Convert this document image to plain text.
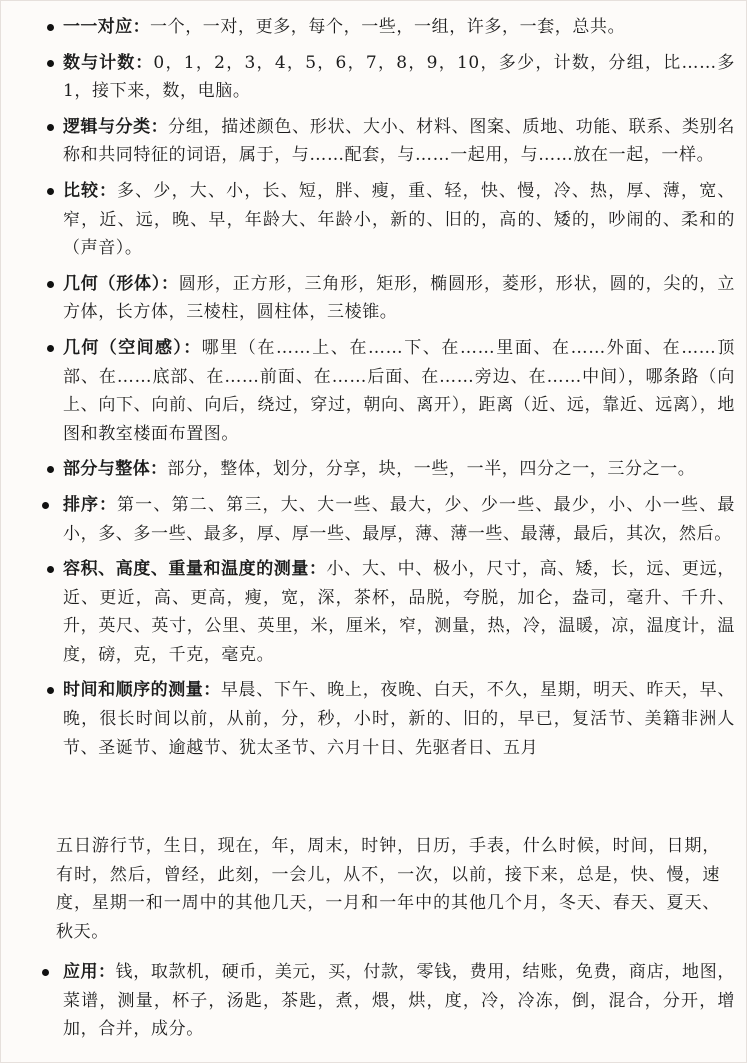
一一对应：一个，一对，更多，每个，一些，一组，许多，一套，总共。
数与计数：0，1，2，3，4，5，6，7，8，9，10，多少，计数，分组，比……多1，接下来，数，电脑。
逻辑与分类：分组，描述颜色、形状、大小、材料、图案、质地、功能、联系、类别名称和共同特征的词语，属于，与……配套，与……一起用，与……放在一起，一样。
比较：多、少，大、小，长、短，胖、瘦，重、轻，快、慢，冷、热，厚、薄，宽、窄，近、远，晚、早，年龄大、年龄小，新的、旧的，高的、矮的，吵闹的、柔和的（声音）。
几何（形体）：圆形，正方形，三角形，矩形，椭圆形，菱形，形状，圆的，尖的，立方体，长方体，三棱柱，圆柱体，三棱锥。
几何（空间感）：哪里（在……上、在……下、在……里面、在……外面、在……顶部、在……底部、在……前面、在……后面、在……旁边、在……中间），哪条路（向上、向下、向前、向后，绕过，穿过，朝向、离开），距离（近、远，靠近、远离），地图和教室楼面布置图。
部分与整体：部分，整体，划分，分享，块，一些，一半，四分之一，三分之一。
排序：第一、第二、第三，大、大一些、最大，少、少一些、最少，小、小一些、最小，多、多一些、最多，厚、厚一些、最厚，薄、薄一些、最薄，最后，其次，然后。
容积、高度、重量和温度的测量：小、大、中、极小，尺寸，高、矮，长，远、更远，近、更近，高、更高，瘦，宽，深，茶杯，品脱，夸脱，加仑，盎司，毫升、千升、升，英尺、英寸，公里、英里，米，厘米，窄，测量，热，冷，温暖，凉，温度计，温度，磅，克，千克，毫克。
时间和顺序的测量：早晨、下午、晚上，夜晚、白天，不久，星期，明天、昨天，早、晚，很长时间以前，从前，分，秒，小时，新的、旧的，早已，复活节、美籍非洲人节、圣诞节、逾越节、犹太圣节、六月十日、先驱者日、五月

五日游行节，生日，现在，年，周末，时钟，日历，手表，什么时候，时间，日期，有时，然后，曾经，此刻，一会儿，从不，一次，以前，接下来，总是，快、慢，速度，星期一和一周中的其他几天，一月和一年中的其他几个月，冬天、春天、夏天、秋天。

应用：钱，取款机，硬币，美元，买，付款，零钱，费用，结账，免费，商店，地图，菜谱，测量，杯子，汤匙，茶匙，煮，煨，烘，度，冷，冷冻，倒，混合，分开，增加，合并，成分。
